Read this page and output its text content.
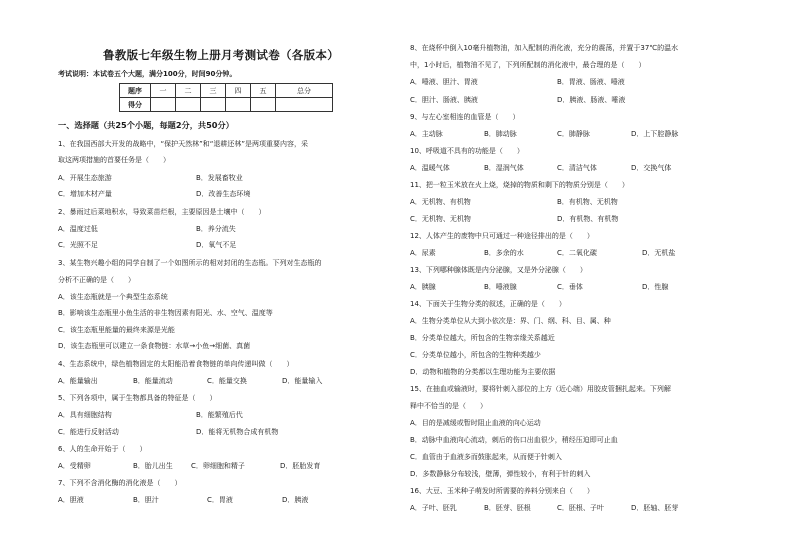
鲁教版七年级生物上册月考测试卷（各版本）
考试说明：本试卷五个大题，满分100分，时间90分钟。
题序	一	二	三	四	五	总分
得分						
一、选择题（共25个小题，每题2分，共50分）
1、在我国西部大开发的战略中，“保护天然林”和“退耕还林”是两项重要内容，采
取这两项措施的首要任务是（　　）
A．开展生态旅游	B．发展畜牧业
C．增加木材产量	D．改善生态环境
2、暴雨过后菜地积水，导致菜苗烂根，主要原因是土壤中（　　）
A．温度过低	B．养分流失
C．光照不足	D．氧气不足
3、某生物兴趣小组的同学自制了一个如图所示的相对封闭的生态瓶。下列对生态瓶的
分析不正确的是（　　）
A．该生态瓶就是一个典型生态系统
B．影响该生态瓶里小鱼生活的非生物因素有阳光、水、空气、温度等
C．该生态瓶里能量的最终来源是光能
D．该生态瓶里可以建立一条食物链：水草→小鱼→细菌、真菌
4、生态系统中，绿色植物固定的太阳能沿着食物链的单向传递叫做（　　）
A．能量输出	B．能量流动	C．能量交换	D．能量输入
5、下列各项中，属于生物都具备的特征是（　　）
A．具有细胞结构	B．能繁殖后代
C．能进行反射活动	D．能将无机物合成有机物
6、人的生命开始于（　　）
A．受精卵	B．胎儿出生	C．卵细胞和精子	D．胚胎发育
7、下列不含消化酶的消化液是（　　）
A．胆液	B．胆汁	C．胃液	D．胰液
8、在烧杯中倒入10毫升植物油，加入配制的消化液，充分的震荡，并置于37℃的温水
中，1小时后，植物油不见了，下列所配制的消化液中，最合理的是（　　）
A．唾液、胆汁、胃液	B．胃液、肠液、唾液
C．胆汁、肠液、胰液	D．胰液、肠液、唾液
9、与左心室相连的血管是（　　）
A．主动脉	B．肺动脉	C．肺静脉	D．上下腔静脉
10、呼吸道不具有的功能是（　　）
A．温暖气体	B．湿润气体	C．清洁气体	D．交换气体
11、把一粒玉米放在火上烧，烧掉的物质和剩下的物质分别是（　　）
A．无机物、有机物	B．有机物、无机物
C．无机物、无机物	D．有机物、有机物
12、人体产生的废物中只可通过一种途径排出的是（　　）
A．尿素	B．多余的水	C．二氧化碳	D．无机盐
13、下列哪种腺体既是内分泌腺，又是外分泌腺（　　）
A．胰腺	B．唾液腺	C．垂体	D．性腺
14、下面关于生物分类的叙述，正确的是（　　）
A．生物分类单位从大到小依次是：界、门、纲、科、目、属、种
B．分类单位越大，所包含的生物亲缘关系越近
C．分类单位越小，所包含的生物种类越少
D．动物和植物的分类都以生理功能为主要依据
15、在抽血或输液时，要将针刺入部位的上方（近心端）用胶皮管捆扎起来。下列解
释中不恰当的是（　　）
A．目的是减缓或暂时阻止血液的向心运动
B．动脉中血液向心流动，刺后的伤口出血很少，稍经压迫即可止血
C．血管由于血液多而鼓胀起来，从而便于针刺入
D．多数静脉分布较浅，壁薄，弹性较小，有利于针的刺入
16、大豆、玉米种子萌发时所需要的养料分别来自（　　）
A．子叶、胚乳	B．胚芽、胚根	C．胚根、子叶	D．胚轴、胚芽
